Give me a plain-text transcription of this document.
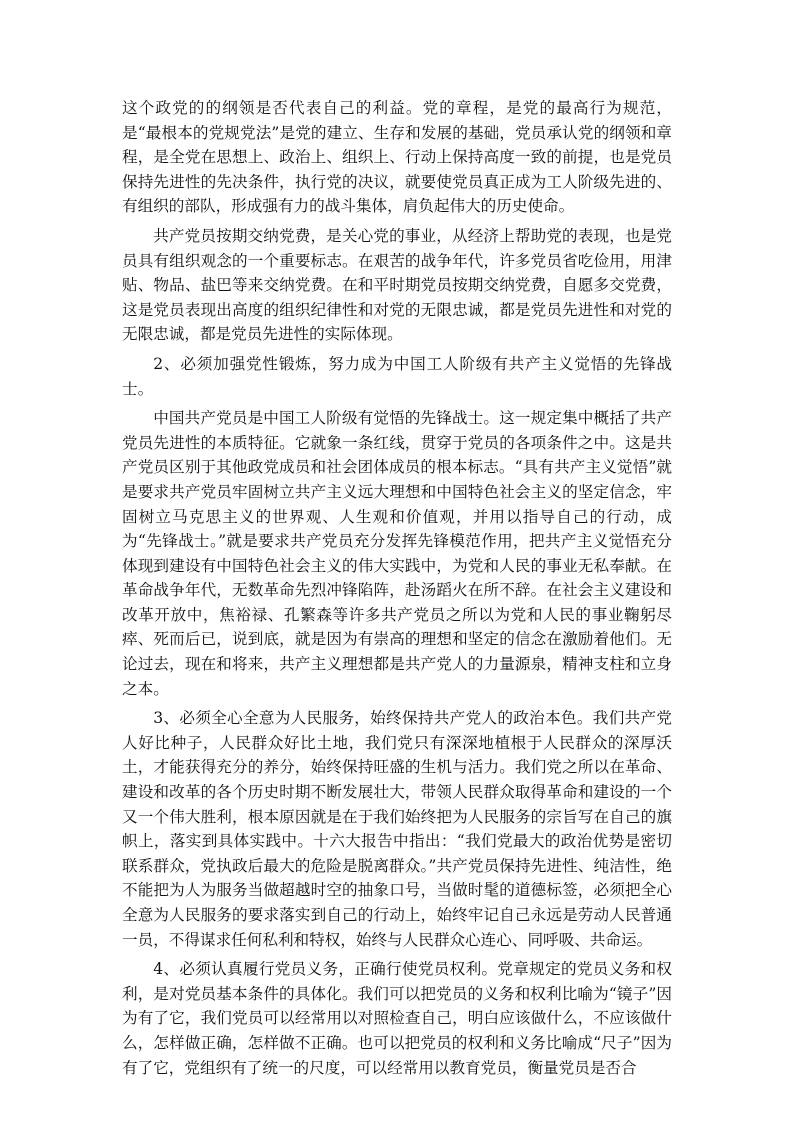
这个政党的的纲领是否代表自己的利益。党的章程，是党的最高行为规范，是“最根本的党规党法”是党的建立、生存和发展的基础，党员承认党的纲领和章程，是全党在思想上、政治上、组织上、行动上保持高度一致的前提，也是党员保持先进性的先决条件，执行党的决议，就要使党员真正成为工人阶级先进的、有组织的部队，形成强有力的战斗集体，肩负起伟大的历史使命。

共产党员按期交纳党费，是关心党的事业，从经济上帮助党的表现，也是党员具有组织观念的一个重要标志。在艰苦的战争年代，许多党员省吃俭用，用津贴、物品、盐巴等来交纳党费。在和平时期党员按期交纳党费，自愿多交党费，这是党员表现出高度的组织纪律性和对党的无限忠诚，都是党员先进性和对党的无限忠诚，都是党员先进性的实际体现。

2、必须加强党性锻炼，努力成为中国工人阶级有共产主义觉悟的先锋战士。

中国共产党员是中国工人阶级有觉悟的先锋战士。这一规定集中概括了共产党员先进性的本质特征。它就象一条红线，贯穿于党员的各项条件之中。这是共产党员区别于其他政党成员和社会团体成员的根本标志。“具有共产主义觉悟”就是要求共产党员牢固树立共产主义远大理想和中国特色社会主义的坚定信念，牢固树立马克思主义的世界观、人生观和价值观，并用以指导自己的行动，成为“先锋战士。”就是要求共产党员充分发挥先锋模范作用，把共产主义觉悟充分体现到建设有中国特色社会主义的伟大实践中，为党和人民的事业无私奉献。在革命战争年代，无数革命先烈冲锋陷阵，赴汤蹈火在所不辞。在社会主义建设和改革开放中，焦裕禄、孔繁森等许多共产党员之所以为党和人民的事业鞠躬尽瘁、死而后已，说到底，就是因为有崇高的理想和坚定的信念在激励着他们。无论过去，现在和将来，共产主义理想都是共产党人的力量源泉，精神支柱和立身之本。

3、必须全心全意为人民服务，始终保持共产党人的政治本色。我们共产党人好比种子，人民群众好比土地，我们党只有深深地植根于人民群众的深厚沃土，才能获得充分的养分，始终保持旺盛的生机与活力。我们党之所以在革命、建设和改革的各个历史时期不断发展壮大，带领人民群众取得革命和建设的一个又一个伟大胜利，根本原因就是在于我们始终把为人民服务的宗旨写在自己的旗帜上，落实到具体实践中。十六大报告中指出：“我们党最大的政治优势是密切联系群众，党执政后最大的危险是脱离群众。”共产党员保持先进性、纯洁性，绝不能把为人为服务当做超越时空的抽象口号，当做时髦的道德标签，必须把全心全意为人民服务的要求落实到自己的行动上，始终牢记自己永远是劳动人民普通一员，不得谋求任何私利和特权，始终与人民群众心连心、同呼吸、共命运。

4、必须认真履行党员义务，正确行使党员权利。党章规定的党员义务和权利，是对党员基本条件的具体化。我们可以把党员的义务和权利比喻为“镜子”因为有了它，我们党员可以经常用以对照检查自己，明白应该做什么，不应该做什么，怎样做正确，怎样做不正确。也可以把党员的权利和义务比喻成“尺子”因为有了它，党组织有了统一的尺度，可以经常用以教育党员，衡量党员是否合
